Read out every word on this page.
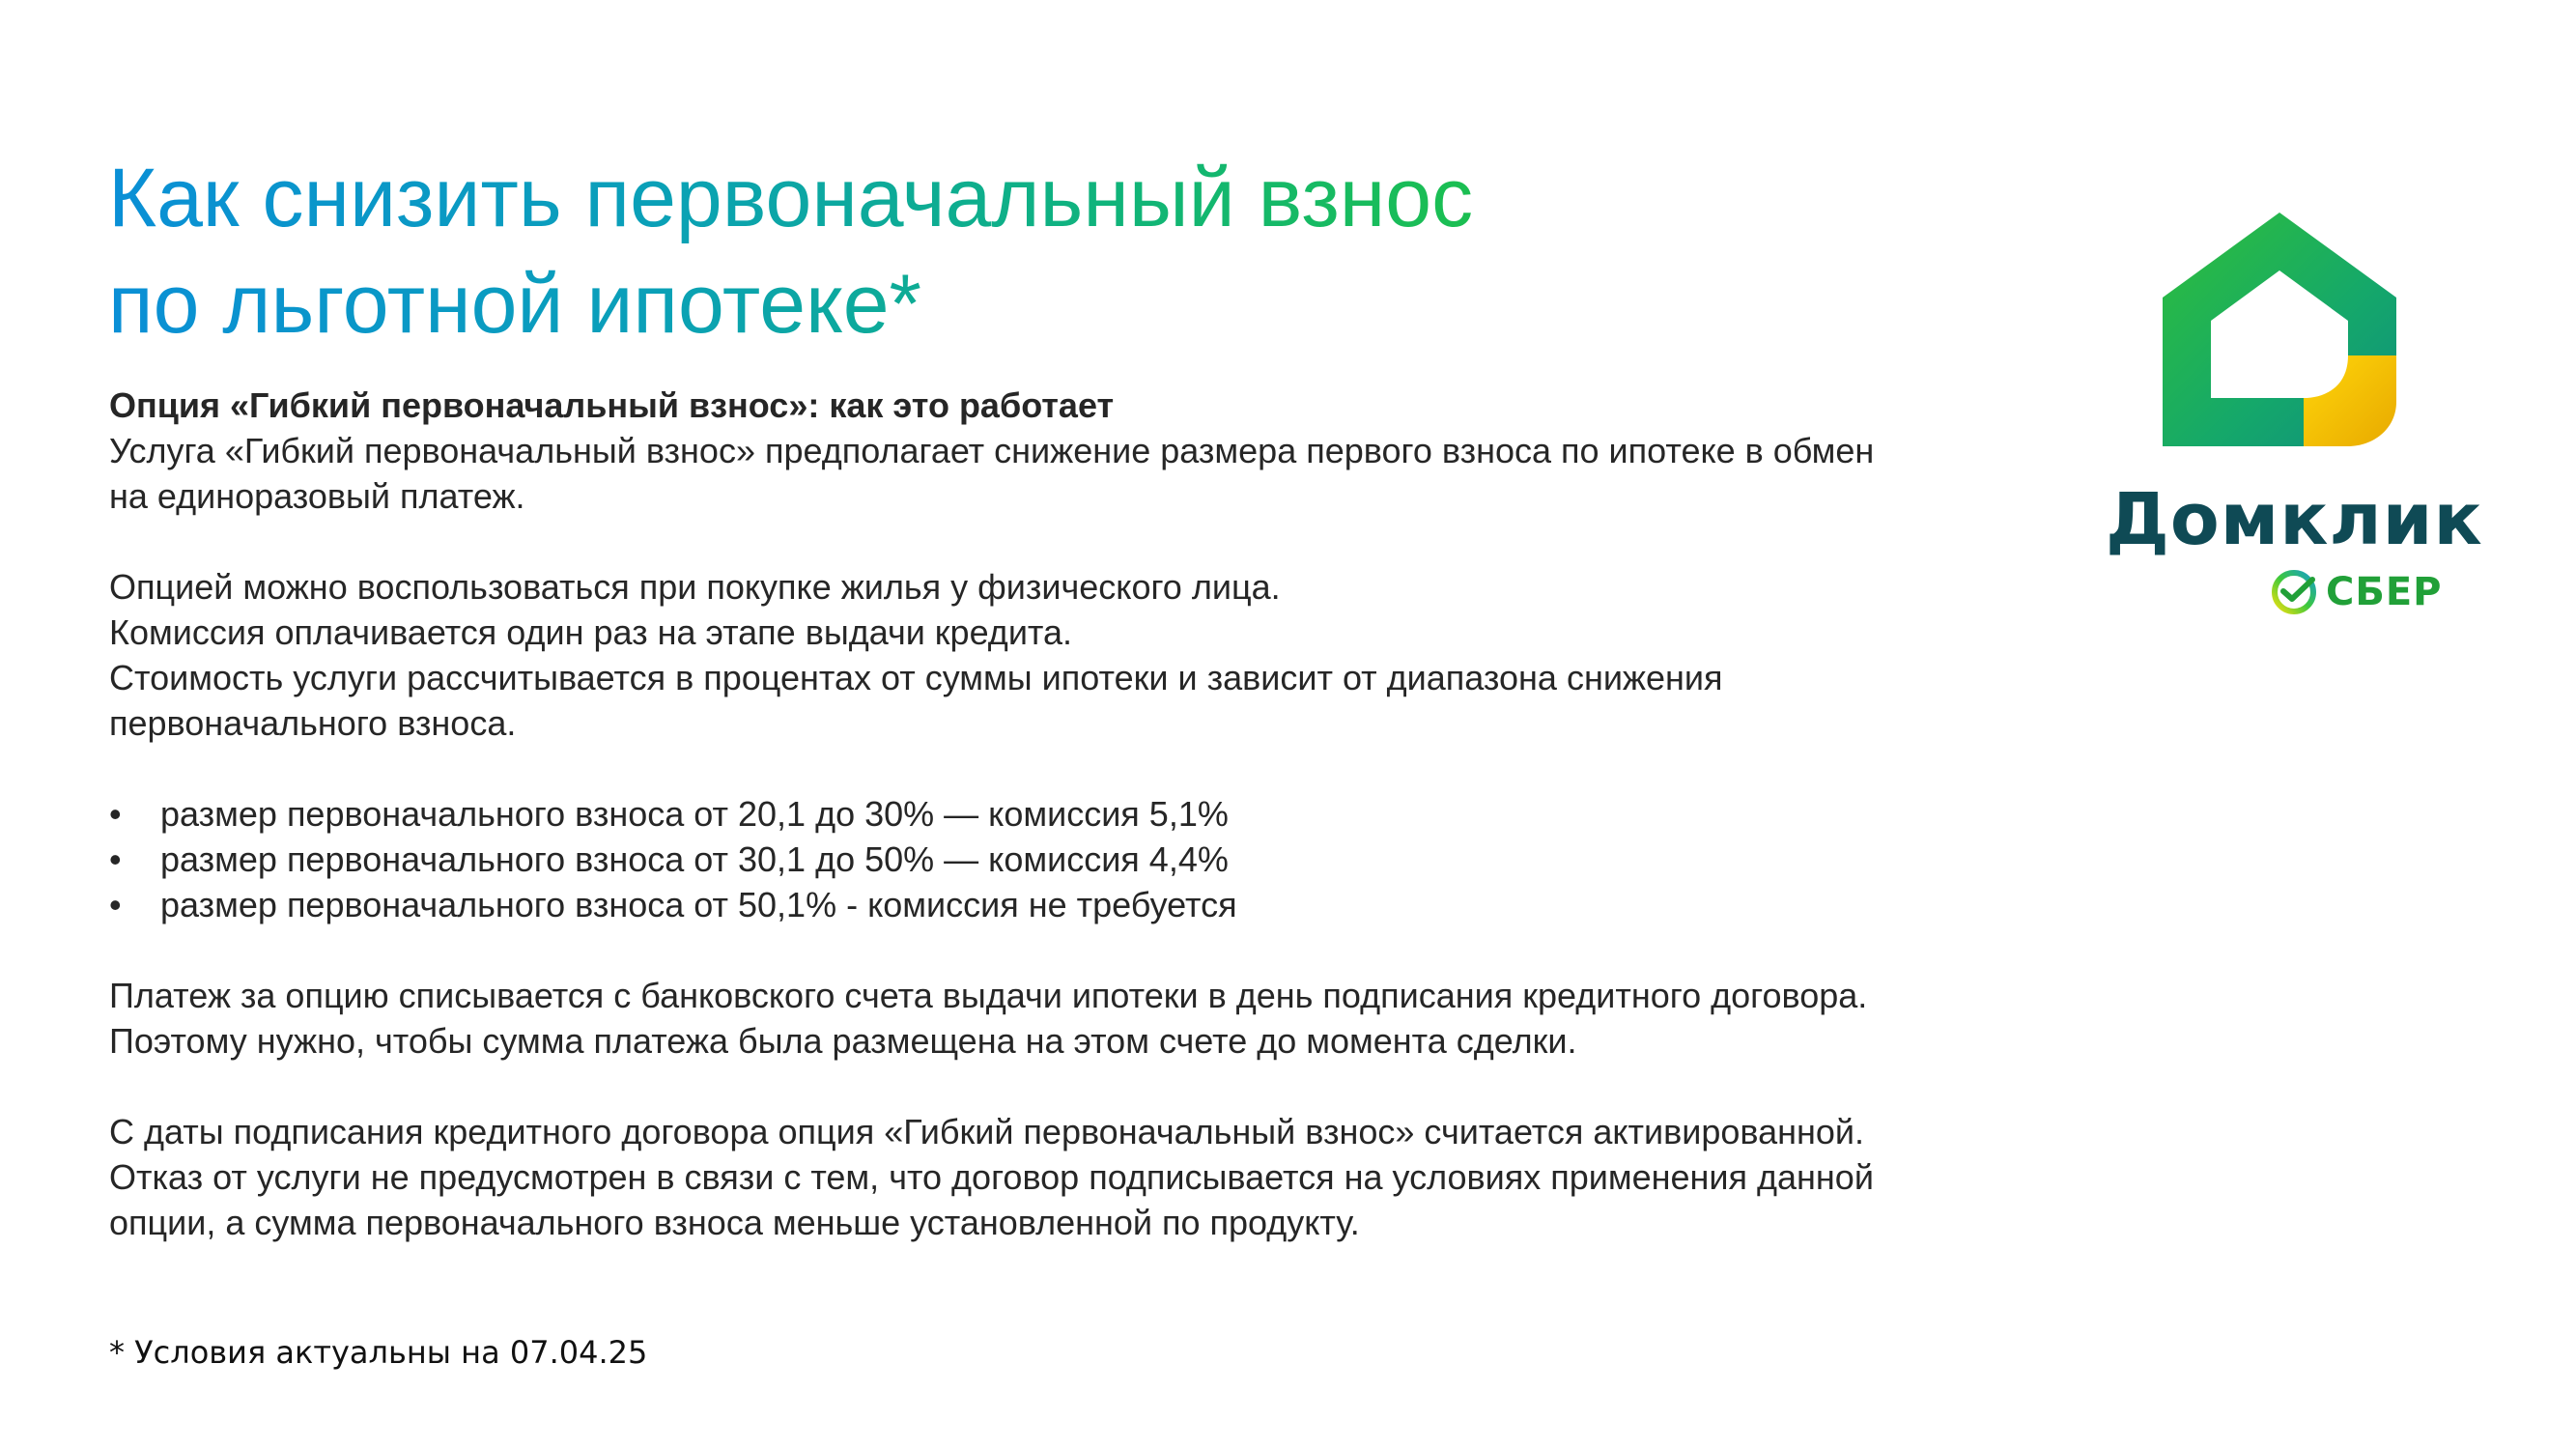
Как снизить первоначальный взнос
по льготной ипотеке*

Опция «Гибкий первоначальный взнос»: как это работает

Услуга «Гибкий первоначальный взнос» предполагает снижение размера первого взноса по ипотеке в обмен

на единоразовый платеж.

Опцией можно воспользоваться при покупке жилья у физического лица.

Комиссия оплачивается один раз на этапе выдачи кредита.

Стоимость услуги рассчитывается в процентах от суммы ипотеки и зависит от диапазона снижения

первоначального взноса.

• размер первоначального взноса от 20,1 до 30% — комиссия 5,1%
• размер первоначального взноса от 30,1 до 50% — комиссия 4,4%
• размер первоначального взноса от 50,1% - комиссия не требуется

Платеж за опцию списывается с банковского счета выдачи ипотеки в день подписания кредитного договора.

Поэтому нужно, чтобы сумма платежа была размещена на этом счете до момента сделки.

С даты подписания кредитного договора опция «Гибкий первоначальный взнос» считается активированной.

Отказ от услуги не предусмотрен в связи с тем, что договор подписывается на условиях применения данной

опции, а сумма первоначального взноса меньше установленной по продукту.

* Условия актуальны на 07.04.25
Домклик
СБЕР
